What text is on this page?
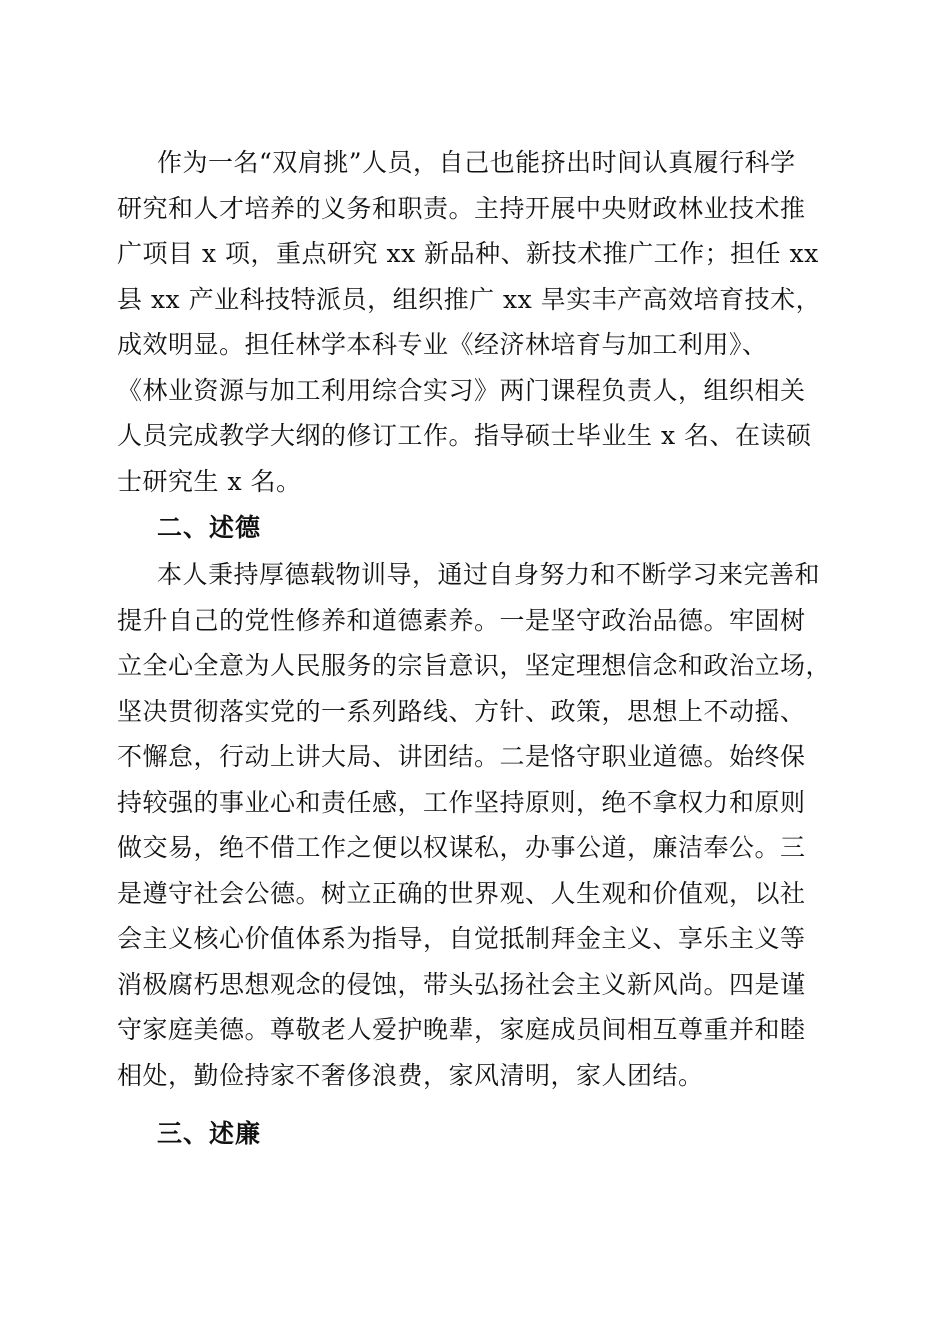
作为一名“双肩挑”人员，自己也能挤出时间认真履行科学
研究和人才培养的义务和职责。主持开展中央财政林业技术推
广项目 x 项，重点研究 xx 新品种、新技术推广工作；担任 xx
县 xx 产业科技特派员，组织推广 xx 旱实丰产高效培育技术，
成效明显。担任林学本科专业《经济林培育与加工利用》、
《林业资源与加工利用综合实习》两门课程负责人，组织相关
人员完成教学大纲的修订工作。指导硕士毕业生 x 名、在读硕
士研究生 x 名。
二、述德
本人秉持厚德载物训导，通过自身努力和不断学习来完善和
提升自己的党性修养和道德素养。一是坚守政治品德。牢固树
立全心全意为人民服务的宗旨意识，坚定理想信念和政治立场，
坚决贯彻落实党的一系列路线、方针、政策，思想上不动摇、
不懈怠，行动上讲大局、讲团结。二是恪守职业道德。始终保
持较强的事业心和责任感，工作坚持原则，绝不拿权力和原则
做交易，绝不借工作之便以权谋私，办事公道，廉洁奉公。三
是遵守社会公德。树立正确的世界观、人生观和价值观，以社
会主义核心价值体系为指导，自觉抵制拜金主义、享乐主义等
消极腐朽思想观念的侵蚀，带头弘扬社会主义新风尚。四是谨
守家庭美德。尊敬老人爱护晚辈，家庭成员间相互尊重并和睦
相处，勤俭持家不奢侈浪费，家风清明，家人团结。
三、述廉
